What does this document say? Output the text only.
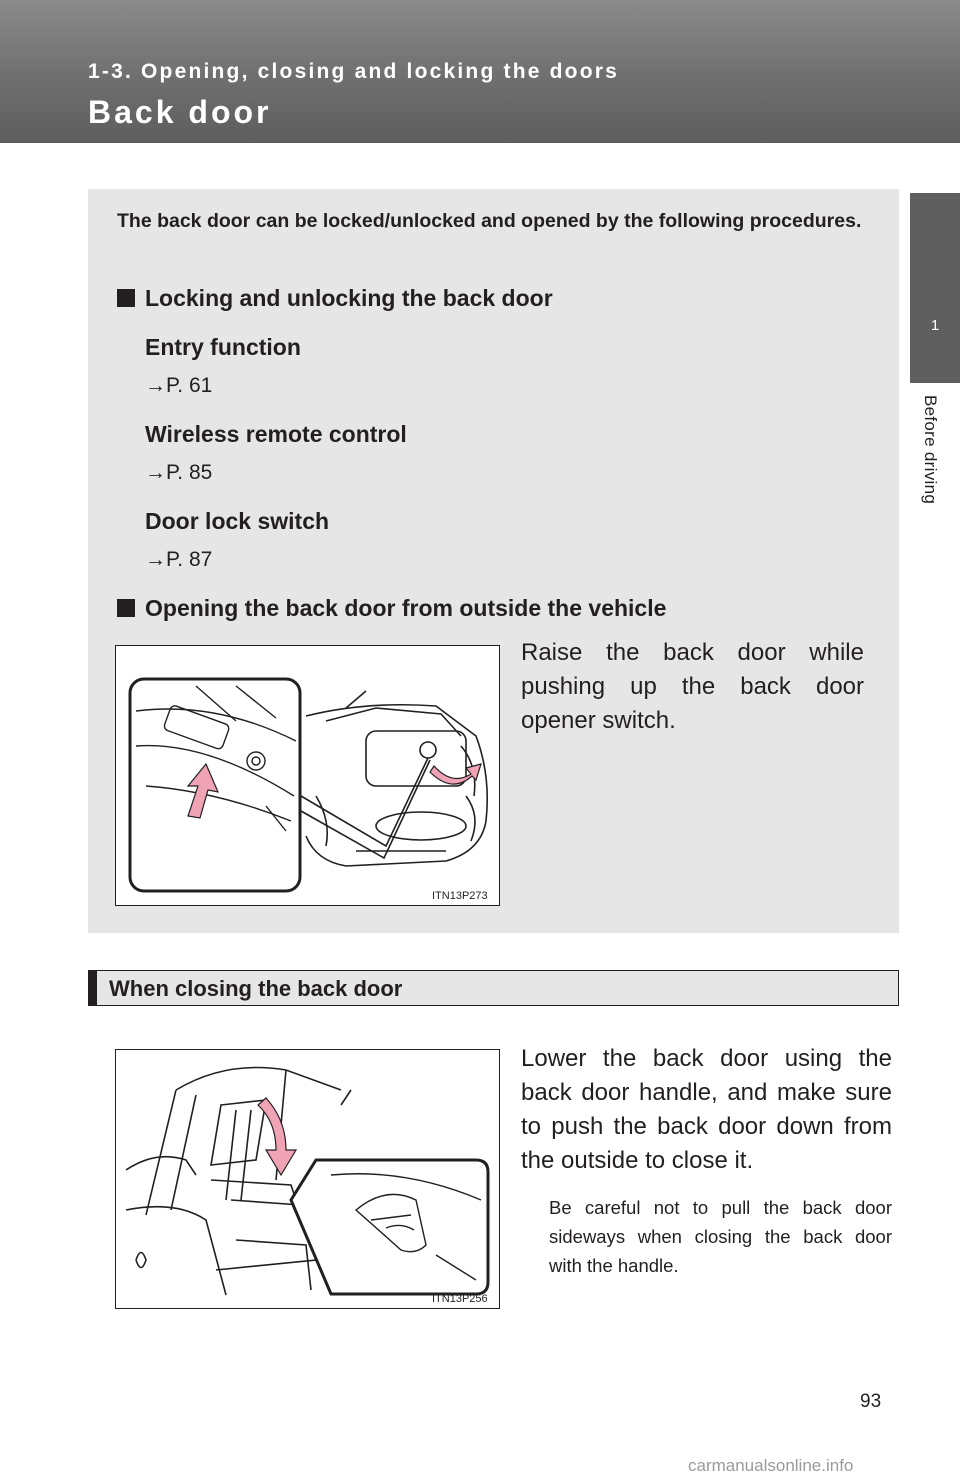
1-3. Opening, closing and locking the doors
Back door
1
Before driving
The back door can be locked/unlocked and opened by the following procedures.
Locking and unlocking the back door
Entry function
→P. 61
Wireless remote control
→P. 85
Door lock switch
→P. 87
Opening the back door from outside the vehicle
ITN13P273
Raise the back door while pushing up the back door opener switch.
When closing the back door
ITN13P256
Lower the back door using the back door handle, and make sure to push the back door down from the outside to close it.
Be careful not to pull the back door sideways when closing the back door with the handle.
93
carmanualsonline.info
